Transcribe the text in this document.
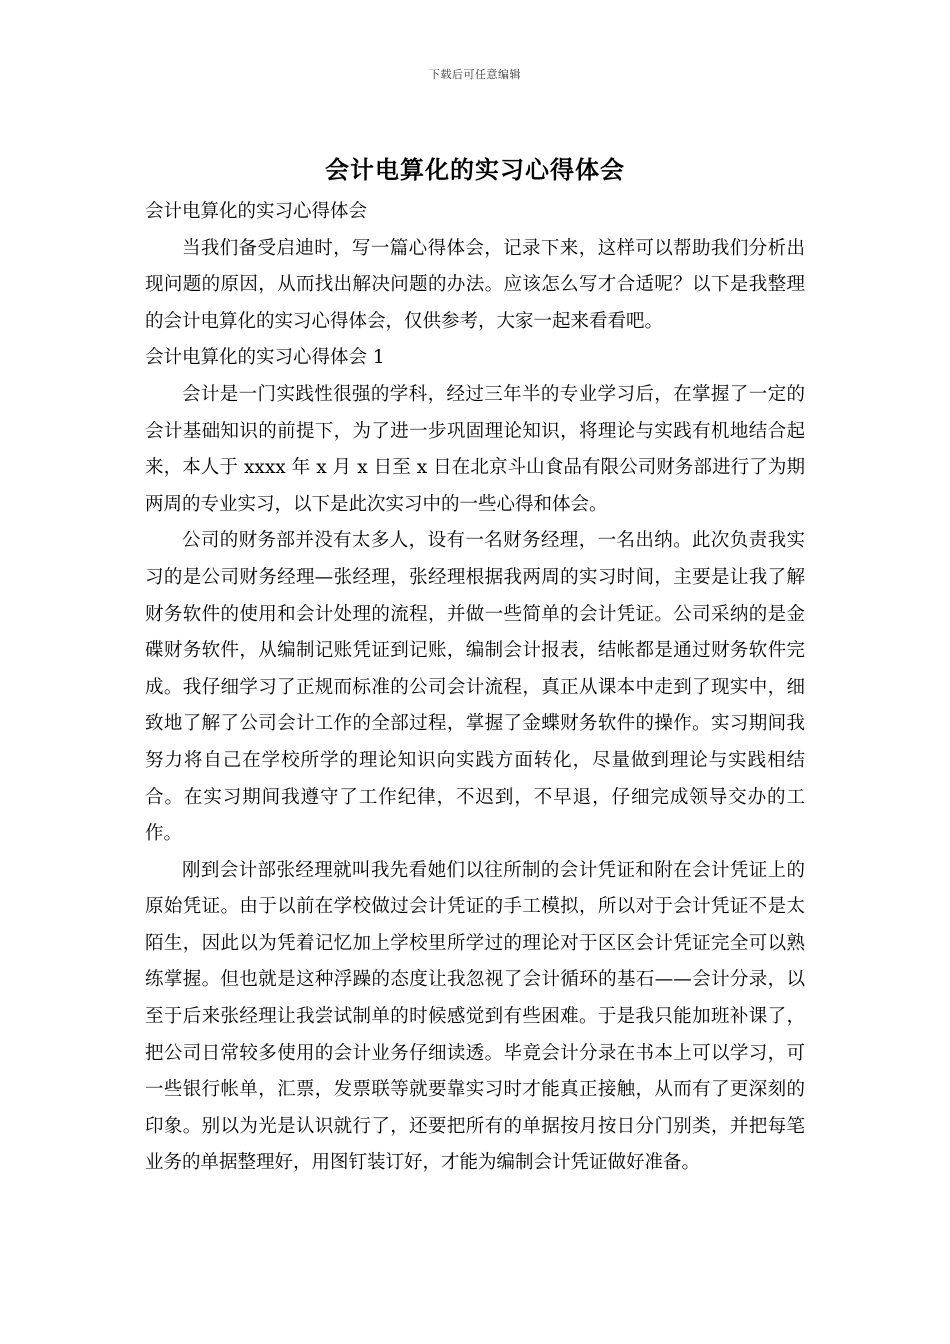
下载后可任意编辑
会计电算化的实习心得体会

会计电算化的实习心得体会

当我们备受启迪时，写一篇心得体会，记录下来，这样可以帮助我们分析出现问题的原因，从而找出解决问题的办法。应该怎么写才合适呢？以下是我整理的会计电算化的实习心得体会，仅供参考，大家一起来看看吧。

会计电算化的实习心得体会 1

会计是一门实践性很强的学科，经过三年半的专业学习后，在掌握了一定的会计基础知识的前提下，为了进一步巩固理论知识，将理论与实践有机地结合起来，本人于 xxxx 年 x 月 x 日至 x 日在北京斗山食品有限公司财务部进行了为期两周的专业实习，以下是此次实习中的一些心得和体会。

公司的财务部并没有太多人，设有一名财务经理，一名出纳。此次负责我实习的是公司财务经理—张经理，张经理根据我两周的实习时间，主要是让我了解财务软件的使用和会计处理的流程，并做一些简单的会计凭证。公司采纳的是金碟财务软件，从编制记账凭证到记账，编制会计报表，结帐都是通过财务软件完成。我仔细学习了正规而标准的公司会计流程，真正从课本中走到了现实中，细致地了解了公司会计工作的全部过程，掌握了金蝶财务软件的操作。实习期间我努力将自己在学校所学的理论知识向实践方面转化，尽量做到理论与实践相结合。在实习期间我遵守了工作纪律，不迟到，不早退，仔细完成领导交办的工作。

刚到会计部张经理就叫我先看她们以往所制的会计凭证和附在会计凭证上的原始凭证。由于以前在学校做过会计凭证的手工模拟，所以对于会计凭证不是太陌生，因此以为凭着记忆加上学校里所学过的理论对于区区会计凭证完全可以熟练掌握。但也就是这种浮躁的态度让我忽视了会计循环的基石——会计分录，以至于后来张经理让我尝试制单的时候感觉到有些困难。于是我只能加班补课了，把公司日常较多使用的会计业务仔细读透。毕竟会计分录在书本上可以学习，可一些银行帐单，汇票，发票联等就要靠实习时才能真正接触，从而有了更深刻的印象。别以为光是认识就行了，还要把所有的单据按月按日分门别类，并把每笔业务的单据整理好，用图钉装订好，才能为编制会计凭证做好准备。
